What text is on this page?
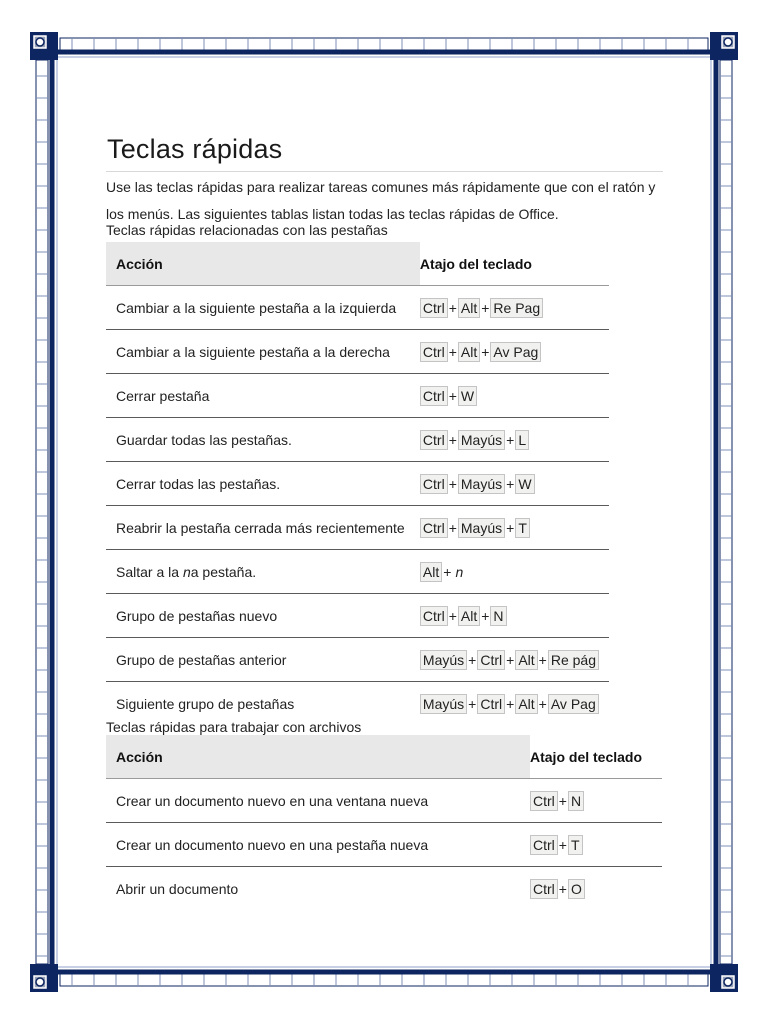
Teclas rápidas

Use las teclas rápidas para realizar tareas comunes más rápidamente que con el ratón y los menús. Las siguientes tablas listan todas las teclas rápidas de Office.

Teclas rápidas relacionadas con las pestañas
Acción	Atajo del teclado
Cambiar a la siguiente pestaña a la izquierda	Ctrl + Alt + Re Pag
Cambiar a la siguiente pestaña a la derecha	Ctrl + Alt + Av Pag
Cerrar pestaña	Ctrl + W
Guardar todas las pestañas.	Ctrl + Mayús + L
Cerrar todas las pestañas.	Ctrl + Mayús + W
Reabrir la pestaña cerrada más recientemente	Ctrl + Mayús + T
Saltar a la na pestaña.	Alt + n
Grupo de pestañas nuevo	Ctrl + Alt + N
Grupo de pestañas anterior	Mayús + Ctrl + Alt + Re pág
Siguiente grupo de pestañas	Mayús + Ctrl + Alt + Av Pag
Teclas rápidas para trabajar con archivos
Acción	Atajo del teclado
Crear un documento nuevo en una ventana nueva	Ctrl + N
Crear un documento nuevo en una pestaña nueva	Ctrl + T
Abrir un documento	Ctrl + O
